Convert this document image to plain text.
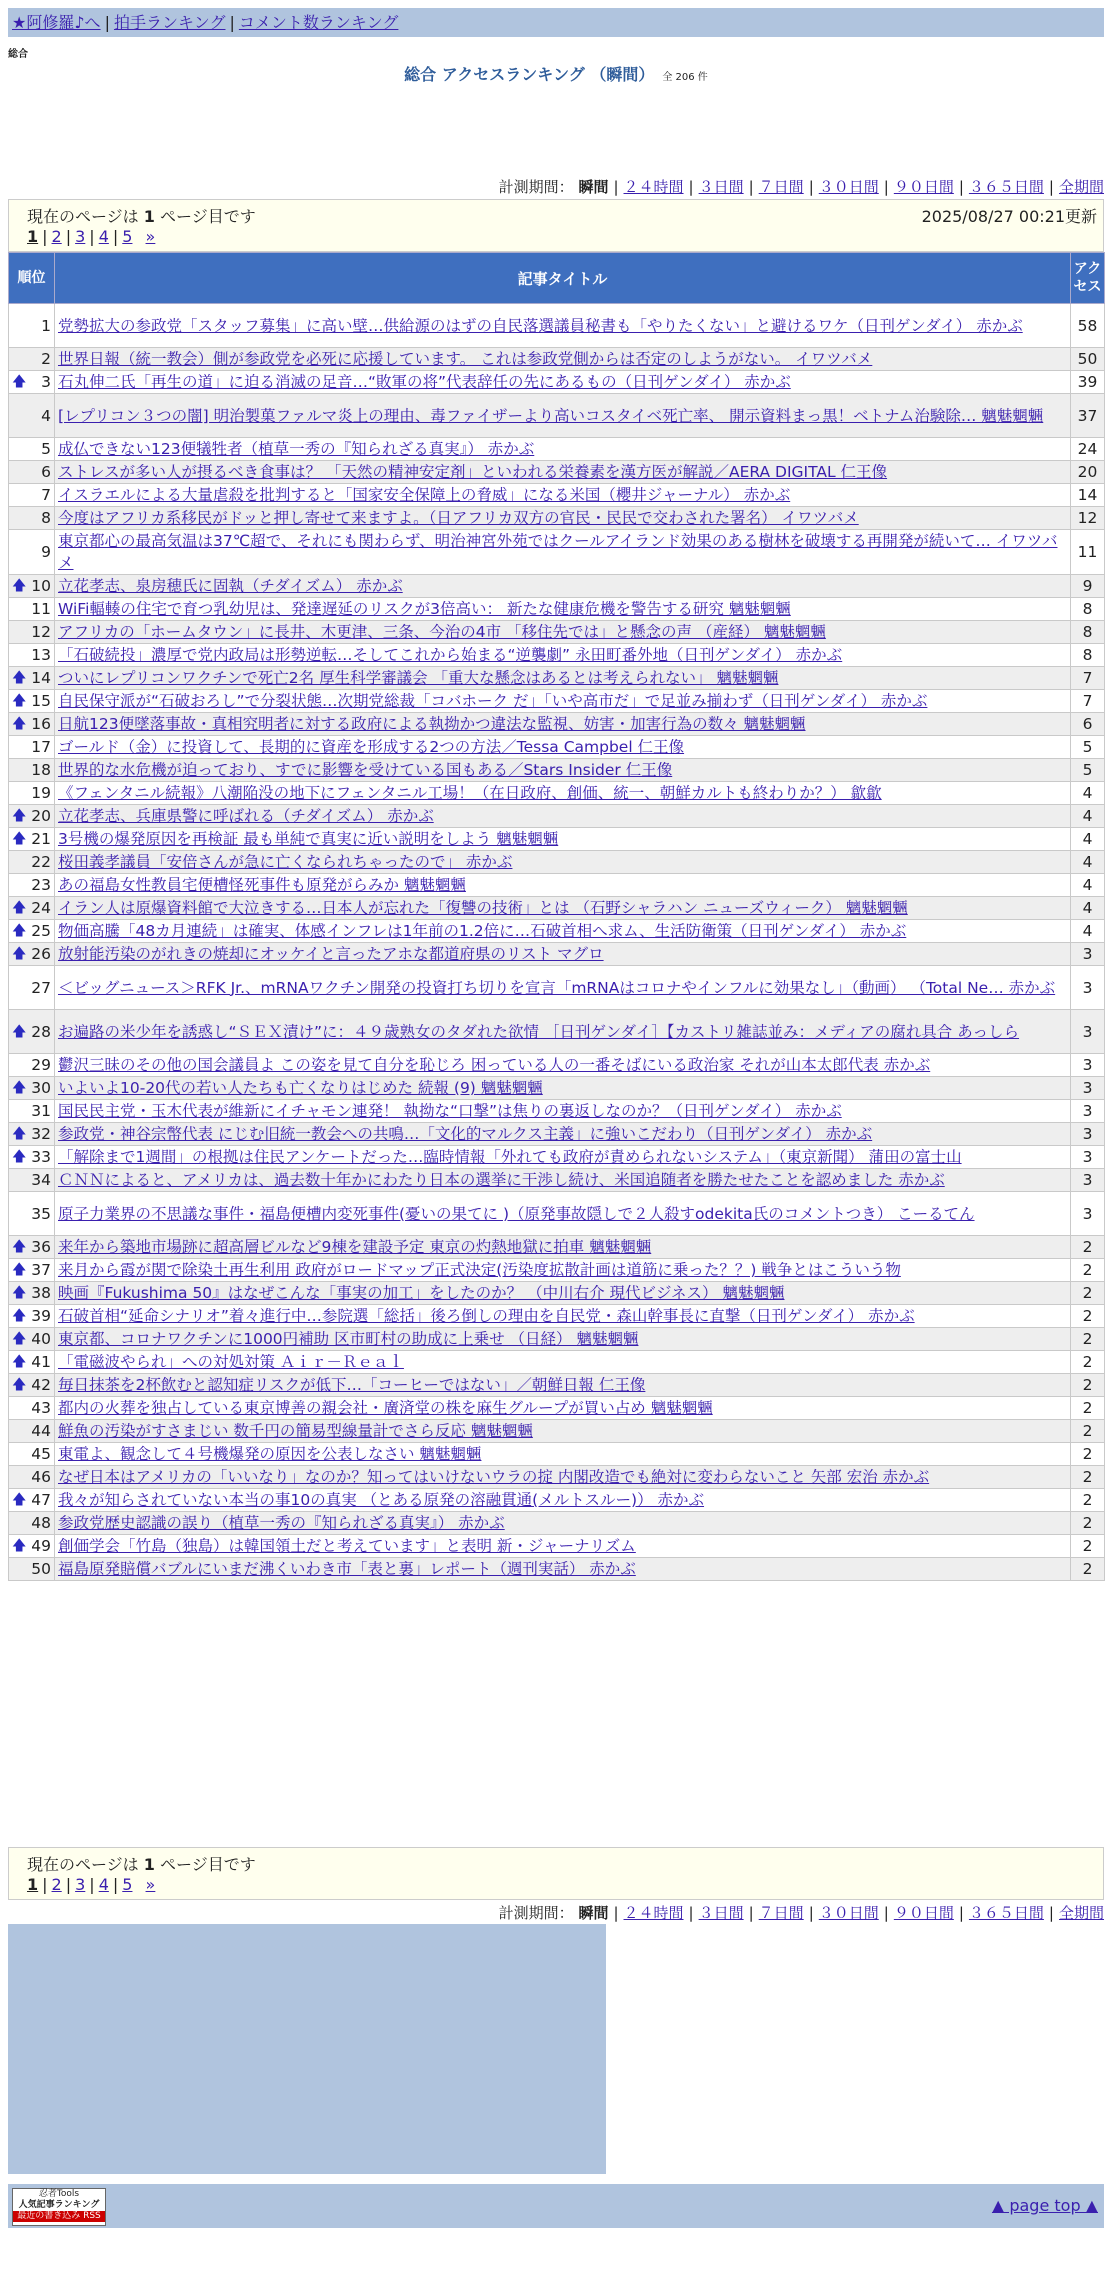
★阿修羅♪へ | 拍手ランキング | コメント数ランキング
総合
総合 アクセスランキング （瞬間） 全 206 件
計測期間： 瞬間 | ２４時間 | ３日間 | ７日間 | ３０日間 | ９０日間 | ３６５日間 | 全期間
現在のページは 1 ページ目です	2025/08/27 00:21更新
1 | 2 | 3 | 4 | 5 »
順位	記事タイトル	アクセス
1	党勢拡大の参政党「スタッフ募集」に高い壁…供給源のはずの自民落選議員秘書も「やりたくない」と避けるワケ（日刊ゲンダイ） 赤かぶ	58
2	世界日報（統一教会）側が参政党を必死に応援しています。 これは参政党側からは否定のしようがない。 イワツバメ	50

🡅 3	石丸伸二氏「再生の道」に迫る消滅の足音…“敗軍の将”代表辞任の先にあるもの（日刊ゲンダイ） 赤かぶ	39
4	[レプリコン３つの闇] 明治製菓ファルマ炎上の理由、毒ファイザーより高いコスタイベ死亡率、 開示資料まっ黒！ベトナム治験除… 魑魅魍魎	37
5	成仏できない123便犠牲者（植草一秀の『知られざる真実』） 赤かぶ	24
6	ストレスが多い人が摂るべき食事は？ 「天然の精神安定剤」といわれる栄養素を漢方医が解説／AERA DIGITAL 仁王像	20
7	イスラエルによる大量虐殺を批判すると「国家安全保障上の脅威」になる米国（櫻井ジャーナル） 赤かぶ	14
8	今度はアフリカ系移民がドッと押し寄せて来ますよ。（日アフリカ双方の官民・民民で交わされた署名） イワツバメ	12
9	東京都心の最高気温は37℃超で、それにも関わらず、明治神宮外苑ではクールアイランド効果のある樹林を破壊する再開発が続いて… イワツバメ	11

🡅 10	立花孝志、泉房穂氏に固執（チダイズム） 赤かぶ	9
11	WiFi輻輳の住宅で育つ乳幼児は、発達遅延のリスクが3倍高い： 新たな健康危機を警告する研究 魑魅魍魎	8
12	アフリカの「ホームタウン」に長井、木更津、三条、今治の4市 「移住先では」と懸念の声 （産経） 魑魅魍魎	8
13	「石破続投」濃厚で党内政局は形勢逆転…そしてこれから始まる“逆襲劇” 永田町番外地（日刊ゲンダイ） 赤かぶ	8

🡅 14	ついにレプリコンワクチンで死亡2名 厚生科学審議会 「重大な懸念はあるとは考えられない」 魑魅魍魎	7

🡅 15	自民保守派が“石破おろし”で分裂状態…次期党総裁「コバホーク だ」「いや高市だ」で足並み揃わず（日刊ゲンダイ） 赤かぶ	7

🡅 16	日航123便墜落事故・真相究明者に対する政府による執拗かつ違法な監視、妨害・加害行為の数々 魑魅魍魎	6
17	ゴールド（金）に投資して、長期的に資産を形成する2つの方法／Tessa Campbel 仁王像	5
18	世界的な水危機が迫っており、すでに影響を受けている国もある／Stars Insider 仁王像	5
19	《フェンタニル続報》八潮陥没の地下にフェンタニル工場！（在日政府、創価、統一、朝鮮カルトも終わりか？） 歙歙	4

🡅 20	立花孝志、兵庫県警に呼ばれる（チダイズム） 赤かぶ	4

🡅 21	3号機の爆発原因を再検証 最も単純で真実に近い説明をしよう 魑魅魍魎	4
22	桜田義孝議員「安倍さんが急に亡くなられちゃったので」 赤かぶ	4
23	あの福島女性教員宅便槽怪死事件も原発がらみか 魑魅魍魎	4

🡅 24	イラン人は原爆資料館で大泣きする…日本人が忘れた「復讐の技術」とは （石野シャラハン ニューズウィーク） 魑魅魍魎	4

🡅 25	物価高騰「48カ月連続」は確実、体感インフレは1年前の1.2倍に…石破首相へ求ム、生活防衛策（日刊ゲンダイ） 赤かぶ	4

🡅 26	放射能汚染のがれきの焼却にオッケイと言ったアホな都道府県のリスト マグロ	3
27	＜ビッグニュース＞RFK Jr.、mRNAワクチン開発の投資打ち切りを宣言「mRNAはコロナやインフルに効果なし」（動画） （Total Ne… 赤かぶ	3

🡅 28	お遍路の米少年を誘惑し“ＳＥＸ漬け”に：４９歳熟女のタダれた欲情 ［日刊ゲンダイ］【カストリ雑誌並み：メディアの腐れ具合 あっしら	3
29	鬱沢三昧のその他の国会議員よ この姿を見て自分を恥じろ 困っている人の一番そばにいる政治家 それが山本太郎代表 赤かぶ	3

🡅 30	いよいよ10-20代の若い人たちも亡くなりはじめた 続報 (9) 魑魅魍魎	3
31	国民民主党・玉木代表が維新にイチャモン連発！ 執拗な“口撃”は焦りの裏返しなのか？（日刊ゲンダイ） 赤かぶ	3

🡅 32	参政党・神谷宗幣代表 にじむ旧統一教会への共鳴…「文化的マルクス主義」に強いこだわり（日刊ゲンダイ） 赤かぶ	3

🡅 33	「解除まで1週間」の根拠は住民アンケートだった…臨時情報「外れても政府が責められないシステム」（東京新聞） 蒲田の富士山	3
34	ＣＮＮによると、アメリカは、過去数十年かにわたり日本の選挙に干渉し続け、米国追随者を勝たせたことを認めました 赤かぶ	3
35	原子力業界の不思議な事件・福島便槽内変死事件(憂いの果てに )（原発事故隠しで２人殺すodekita氏のコメントつき） こーるてん	3

🡅 36	来年から築地市場跡に超高層ビルなど9棟を建設予定 東京の灼熱地獄に拍車 魑魅魍魎	2

🡅 37	来月から霞が関で除染土再生利用 政府がロードマップ正式決定(汚染度拡散計画は道筋に乗った？？) 戦争とはこういう物	2

🡅 38	映画『Fukushima 50』はなぜこんな「事実の加工」をしたのか？ （中川右介 現代ビジネス） 魑魅魍魎	2

🡅 39	石破首相“延命シナリオ”着々進行中…参院選「総括」後ろ倒しの理由を自民党・森山幹事長に直撃（日刊ゲンダイ） 赤かぶ	2

🡅 40	東京都、コロナワクチンに1000円補助 区市町村の助成に上乗せ （日経） 魑魅魍魎	2

🡅 41	「電磁波やられ」への対処対策 Ａｉｒ－Ｒｅａｌ	2

🡅 42	毎日抹茶を2杯飲むと認知症リスクが低下…「コーヒーではない」／朝鮮日報 仁王像	2
43	都内の火葬を独占している東京博善の親会社・廣済堂の株を麻生グループが買い占め 魑魅魍魎	2
44	鮮魚の汚染がすさまじい 数千円の簡易型線量計でさら反応 魑魅魍魎	2
45	東電よ、観念して４号機爆発の原因を公表しなさい 魑魅魍魎	2
46	なぜ日本はアメリカの「いいなり」なのか？知ってはいけないウラの掟 内閣改造でも絶対に変わらないこと 矢部 宏治 赤かぶ	2

🡅 47	我々が知らされていない本当の事10の真実 （とある原発の溶融貫通(メルトスルー)） 赤かぶ	2
48	参政党歴史認識の誤り（植草一秀の『知られざる真実』） 赤かぶ	2

🡅 49	創価学会「竹島（独島）は韓国領土だと考えています」と表明 新・ジャーナリズム	2
50	福島原発賠償バブルにいまだ沸くいわき市「表と裏」レポート（週刊実話） 赤かぶ	2
現在のページは 1 ページ目です
1 | 2 | 3 | 4 | 5 »
計測期間： 瞬間 | ２４時間 | ３日間 | ７日間 | ３０日間 | ９０日間 | ３６５日間 | 全期間
忍者Tools
人気記事ランキング
最近の書き込み RSS
▲ page top ▲
